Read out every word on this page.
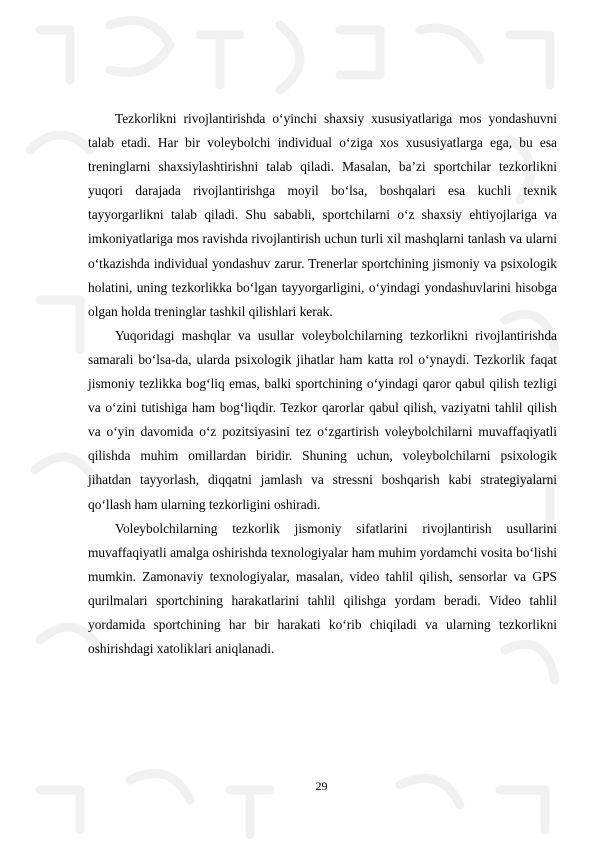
Tezkorlikni rivojlantirishda o‘yinchi shaxsiy xususiyatlariga mos yondashuvni talab etadi. Har bir voleybolchi individual o‘ziga xos xususiyatlarga ega, bu esa treninglarni shaxsiylashtirishni talab qiladi. Masalan, ba’zi sportchilar tezkorlikni yuqori darajada rivojlantirishga moyil bo‘lsa, boshqalari esa kuchli texnik tayyorgarlikni talab qiladi. Shu sababli, sportchilarni o‘z shaxsiy ehtiyojlariga va imkoniyatlariga mos ravishda rivojlantirish uchun turli xil mashqlarni tanlash va ularni o‘tkazishda individual yondashuv zarur. Trenerlar sportchining jismoniy va psixologik holatini, uning tezkorlikka bo‘lgan tayyorgarligini, o‘yindagi yondashuvlarini hisobga olgan holda treninglar tashkil qilishlari kerak.

Yuqoridagi mashqlar va usullar voleybolchilarning tezkorlikni rivojlantirishda samarali bo‘lsa-da, ularda psixologik jihatlar ham katta rol o‘ynaydi. Tezkorlik faqat jismoniy tezlikka bog‘liq emas, balki sportchining o‘yindagi qaror qabul qilish tezligi va o‘zini tutishiga ham bog‘liqdir. Tezkor qarorlar qabul qilish, vaziyatni tahlil qilish va o‘yin davomida o‘z pozitsiyasini tez o‘zgartirish voleybolchilarni muvaffaqiyatli qilishda muhim omillardan biridir. Shuning uchun, voleybolchilarni psixologik jihatdan tayyorlash, diqqatni jamlash va stressni boshqarish kabi strategiyalarni qo‘llash ham ularning tezkorligini oshiradi.

Voleybolchilarning tezkorlik jismoniy sifatlarini rivojlantirish usullarini muvaffaqiyatli amalga oshirishda texnologiyalar ham muhim yordamchi vosita bo‘lishi mumkin. Zamonaviy texnologiyalar, masalan, video tahlil qilish, sensorlar va GPS qurilmalari sportchining harakatlarini tahlil qilishga yordam beradi. Video tahlil yordamida sportchining har bir harakati ko‘rib chiqiladi va ularning tezkorlikni oshirishdagi xatoliklari aniqlanadi.

29
